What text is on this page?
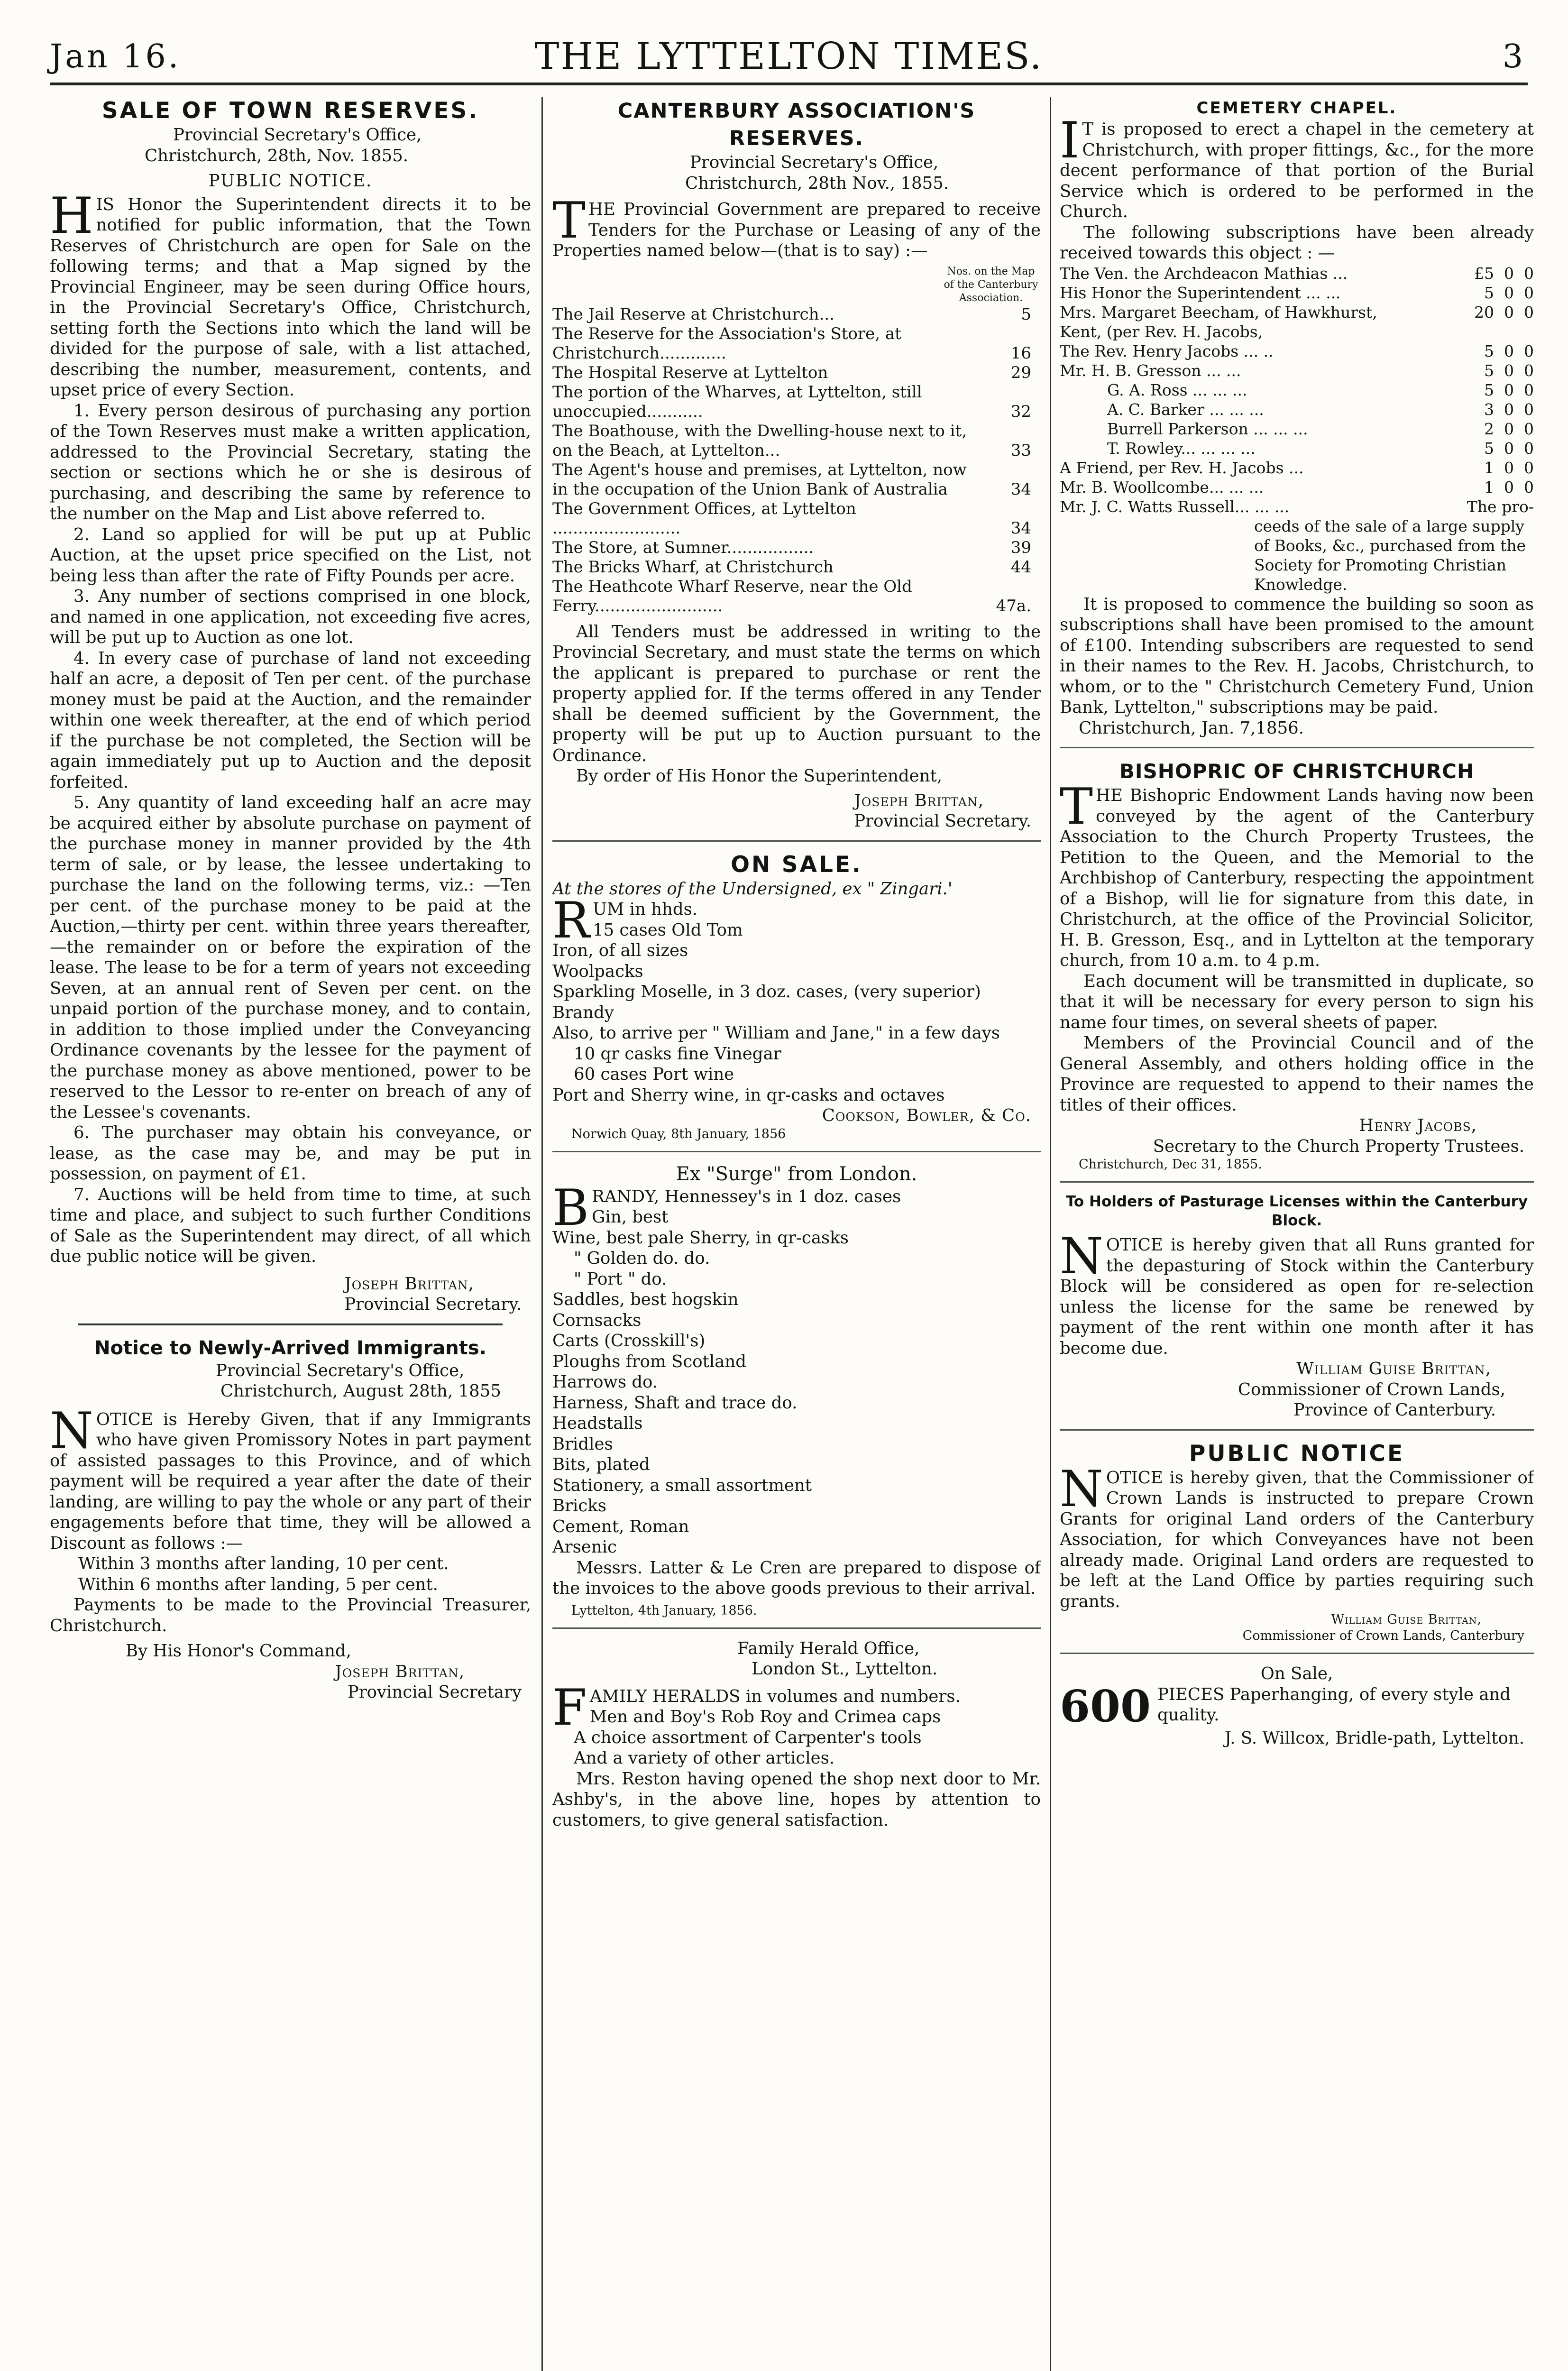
Jan 16.	THE LYTTELTON TIMES.	3
SALE OF TOWN RESERVES.
Provincial Secretary's Office,
Christchurch, 28th, Nov. 1855.
PUBLIC NOTICE.
HIS Honor the Superintendent directs it to be notified for public information, that the Town Reserves of Christchurch are open for Sale on the following terms; and that a Map signed by the Provincial Engineer, may be seen during Office hours, in the Provincial Secretary's Office, Christchurch, setting forth the Sections into which the land will be divided for the purpose of sale, with a list attached, describing the number, measurement, contents, and upset price of every Section.
1. Every person desirous of purchasing any portion of the Town Reserves must make a written application, addressed to the Provincial Secretary, stating the section or sections which he or she is desirous of purchasing, and describing the same by reference to the number on the Map and List above referred to.
2. Land so applied for will be put up at Public Auction, at the upset price specified on the List, not being less than after the rate of Fifty Pounds per acre.
3. Any number of sections comprised in one block, and named in one application, not exceeding five acres, will be put up to Auction as one lot.
4. In every case of purchase of land not exceeding half an acre, a deposit of Ten per cent. of the purchase money must be paid at the Auction, and the remainder within one week thereafter, at the end of which period if the purchase be not completed, the Section will be again immediately put up to Auction and the deposit forfeited.
5. Any quantity of land exceeding half an acre may be acquired either by absolute purchase on payment of the purchase money in manner provided by the 4th term of sale, or by lease, the lessee undertaking to purchase the land on the following terms, viz.: —Ten per cent. of the purchase money to be paid at the Auction,—thirty per cent. within three years thereafter,—the remainder on or before the expiration of the lease. The lease to be for a term of years not exceeding Seven, at an annual rent of Seven per cent. on the unpaid portion of the purchase money, and to contain, in addition to those implied under the Conveyancing Ordinance covenants by the lessee for the payment of the purchase money as above mentioned, power to be reserved to the Lessor to re-enter on breach of any of the Lessee's covenants.
6. The purchaser may obtain his conveyance, or lease, as the case may be, and may be put in possession, on payment of £1.
7. Auctions will be held from time to time, at such time and place, and subject to such further Conditions of Sale as the Superintendent may direct, of all which due public notice will be given.
Joseph Brittan,
Provincial Secretary.
Notice to Newly-Arrived Immigrants.
Provincial Secretary's Office,
Christchurch, August 28th, 1855
NOTICE is Hereby Given, that if any Immigrants who have given Promissory Notes in part payment of assisted passages to this Province, and of which payment will be required a year after the date of their landing, are willing to pay the whole or any part of their engagements before that time, they will be allowed a Discount as follows :—
Within 3 months after landing, 10 per cent.
Within 6 months after landing, 5 per cent.
Payments to be made to the Provincial Treasurer, Christchurch.
By His Honor's Command,
Joseph Brittan,
Provincial Secretary
CANTERBURY ASSOCIATION'S RESERVES.
Provincial Secretary's Office,
Christchurch, 28th Nov., 1855.
THE Provincial Government are prepared to receive Tenders for the Purchase or Leasing of any of the Properties named below—(that is to say) :—
Nos. on the Map of the Canterbury Association.
The Jail Reserve at Christchurch...	5
The Reserve for the Association's Store, at Christchurch.............	16
The Hospital Reserve at Lyttelton	29
The portion of the Wharves, at Lyttelton, still unoccupied...........	32
The Boathouse, with the Dwelling-house next to it, on the Beach, at Lyttelton...	33
The Agent's house and premises, at Lyttelton, now in the occupation of the Union Bank of Australia	34
The Government Offices, at Lyttelton .........................	34
The Store, at Sumner.................	39
The Bricks Wharf, at Christchurch	44
The Heathcote Wharf Reserve, near the Old Ferry.........................	47a.
All Tenders must be addressed in writing to the Provincial Secretary, and must state the terms on which the applicant is prepared to purchase or rent the property applied for. If the terms offered in any Tender shall be deemed sufficient by the Government, the property will be put up to Auction pursuant to the Ordinance.
By order of His Honor the Superintendent,
Joseph Brittan,
Provincial Secretary.
ON SALE.
At the stores of the Undersigned, ex " Zingari.'
RUM in hhds.
15 cases Old Tom
Iron, of all sizes
Woolpacks
Sparkling Moselle, in 3 doz. cases, (very superior)
Brandy
Also, to arrive per " William and Jane," in a few days
10 qr casks fine Vinegar
60 cases Port wine
Port and Sherry wine, in qr-casks and octaves
Cookson, Bowler, & Co.
Norwich Quay, 8th January, 1856
Ex "Surge" from London.
BRANDY, Hennessey's in 1 doz. cases
Gin, best
Wine, best pale Sherry, in qr-casks
" Golden do. do.
" Port " do.
Saddles, best hogskin
Cornsacks
Carts (Crosskill's)
Ploughs from Scotland
Harrows do.
Harness, Shaft and trace do.
Headstalls
Bridles
Bits, plated
Stationery, a small assortment
Bricks
Cement, Roman
Arsenic
Messrs. Latter & Le Cren are prepared to dispose of the invoices to the above goods previous to their arrival.
Lyttelton, 4th January, 1856.
Family Herald Office,
London St., Lyttelton.
FAMILY HERALDS in volumes and numbers.
Men and Boy's Rob Roy and Crimea caps
A choice assortment of Carpenter's tools
And a variety of other articles.
Mrs. Reston having opened the shop next door to Mr. Ashby's, in the above line, hopes by attention to customers, to give general satisfaction.
CEMETERY CHAPEL.
IT is proposed to erect a chapel in the cemetery at Christchurch, with proper fittings, &c., for the more decent performance of that portion of the Burial Service which is ordered to be performed in the Church.
The following subscriptions have been already received towards this object : —
The Ven. the Archdeacon Mathias ...	£5  0  0
His Honor the Superintendent ... ...	5  0  0
Mrs. Margaret Beecham, of Hawkhurst, Kent, (per Rev. H. Jacobs,
20  0  0
The Rev. Henry Jacobs ... ..	5  0  0
Mr. H. B. Gresson ... ...	5  0  0
G. A. Ross ... ... ...	5  0  0
A. C. Barker ... ... ...	3  0  0
Burrell Parkerson ... ... ...	2  0  0
T. Rowley... ... ... ...	5  0  0
A Friend, per Rev. H. Jacobs ...	1  0  0
Mr. B. Woollcombe... ... ...	1  0  0
Mr. J. C. Watts Russell... ... ...	The pro-
ceeds of the sale of a large supply of Books, &c., purchased from the Society for Promoting Christian Knowledge.
It is proposed to commence the building so soon as subscriptions shall have been promised to the amount of £100. Intending subscribers are requested to send in their names to the Rev. H. Jacobs, Christchurch, to whom, or to the " Christchurch Cemetery Fund, Union Bank, Lyttelton," subscriptions may be paid.
Christchurch, Jan. 7,1856.
BISHOPRIC OF CHRISTCHURCH
THE Bishopric Endowment Lands having now been conveyed by the agent of the Canterbury Association to the Church Property Trustees, the Petition to the Queen, and the Memorial to the Archbishop of Canterbury, respecting the appointment of a Bishop, will lie for signature from this date, in Christchurch, at the office of the Provincial Solicitor, H. B. Gresson, Esq., and in Lyttelton at the temporary church, from 10 a.m. to 4 p.m.
Each document will be transmitted in duplicate, so that it will be necessary for every person to sign his name four times, on several sheets of paper.
Members of the Provincial Council and of the General Assembly, and others holding office in the Province are requested to append to their names the titles of their offices.
Henry Jacobs,
Secretary to the Church Property Trustees.
Christchurch, Dec 31, 1855.
To Holders of Pasturage Licenses within the Canterbury Block.
NOTICE is hereby given that all Runs granted for the depasturing of Stock within the Canterbury Block will be considered as open for re-selection unless the license for the same be renewed by payment of the rent within one month after it has become due.
William Guise Brittan,
Commissioner of Crown Lands,
Province of Canterbury.
PUBLIC NOTICE
NOTICE is hereby given, that the Commissioner of Crown Lands is instructed to prepare Crown Grants for original Land orders of the Canterbury Association, for which Conveyances have not been already made. Original Land orders are requested to be left at the Land Office by parties requiring such grants.
William Guise Brittan,
Commissioner of Crown Lands, Canterbury
On Sale,
600 PIECES Paperhanging, of every style and quality.
J. S. Willcox, Bridle-path, Lyttelton.
